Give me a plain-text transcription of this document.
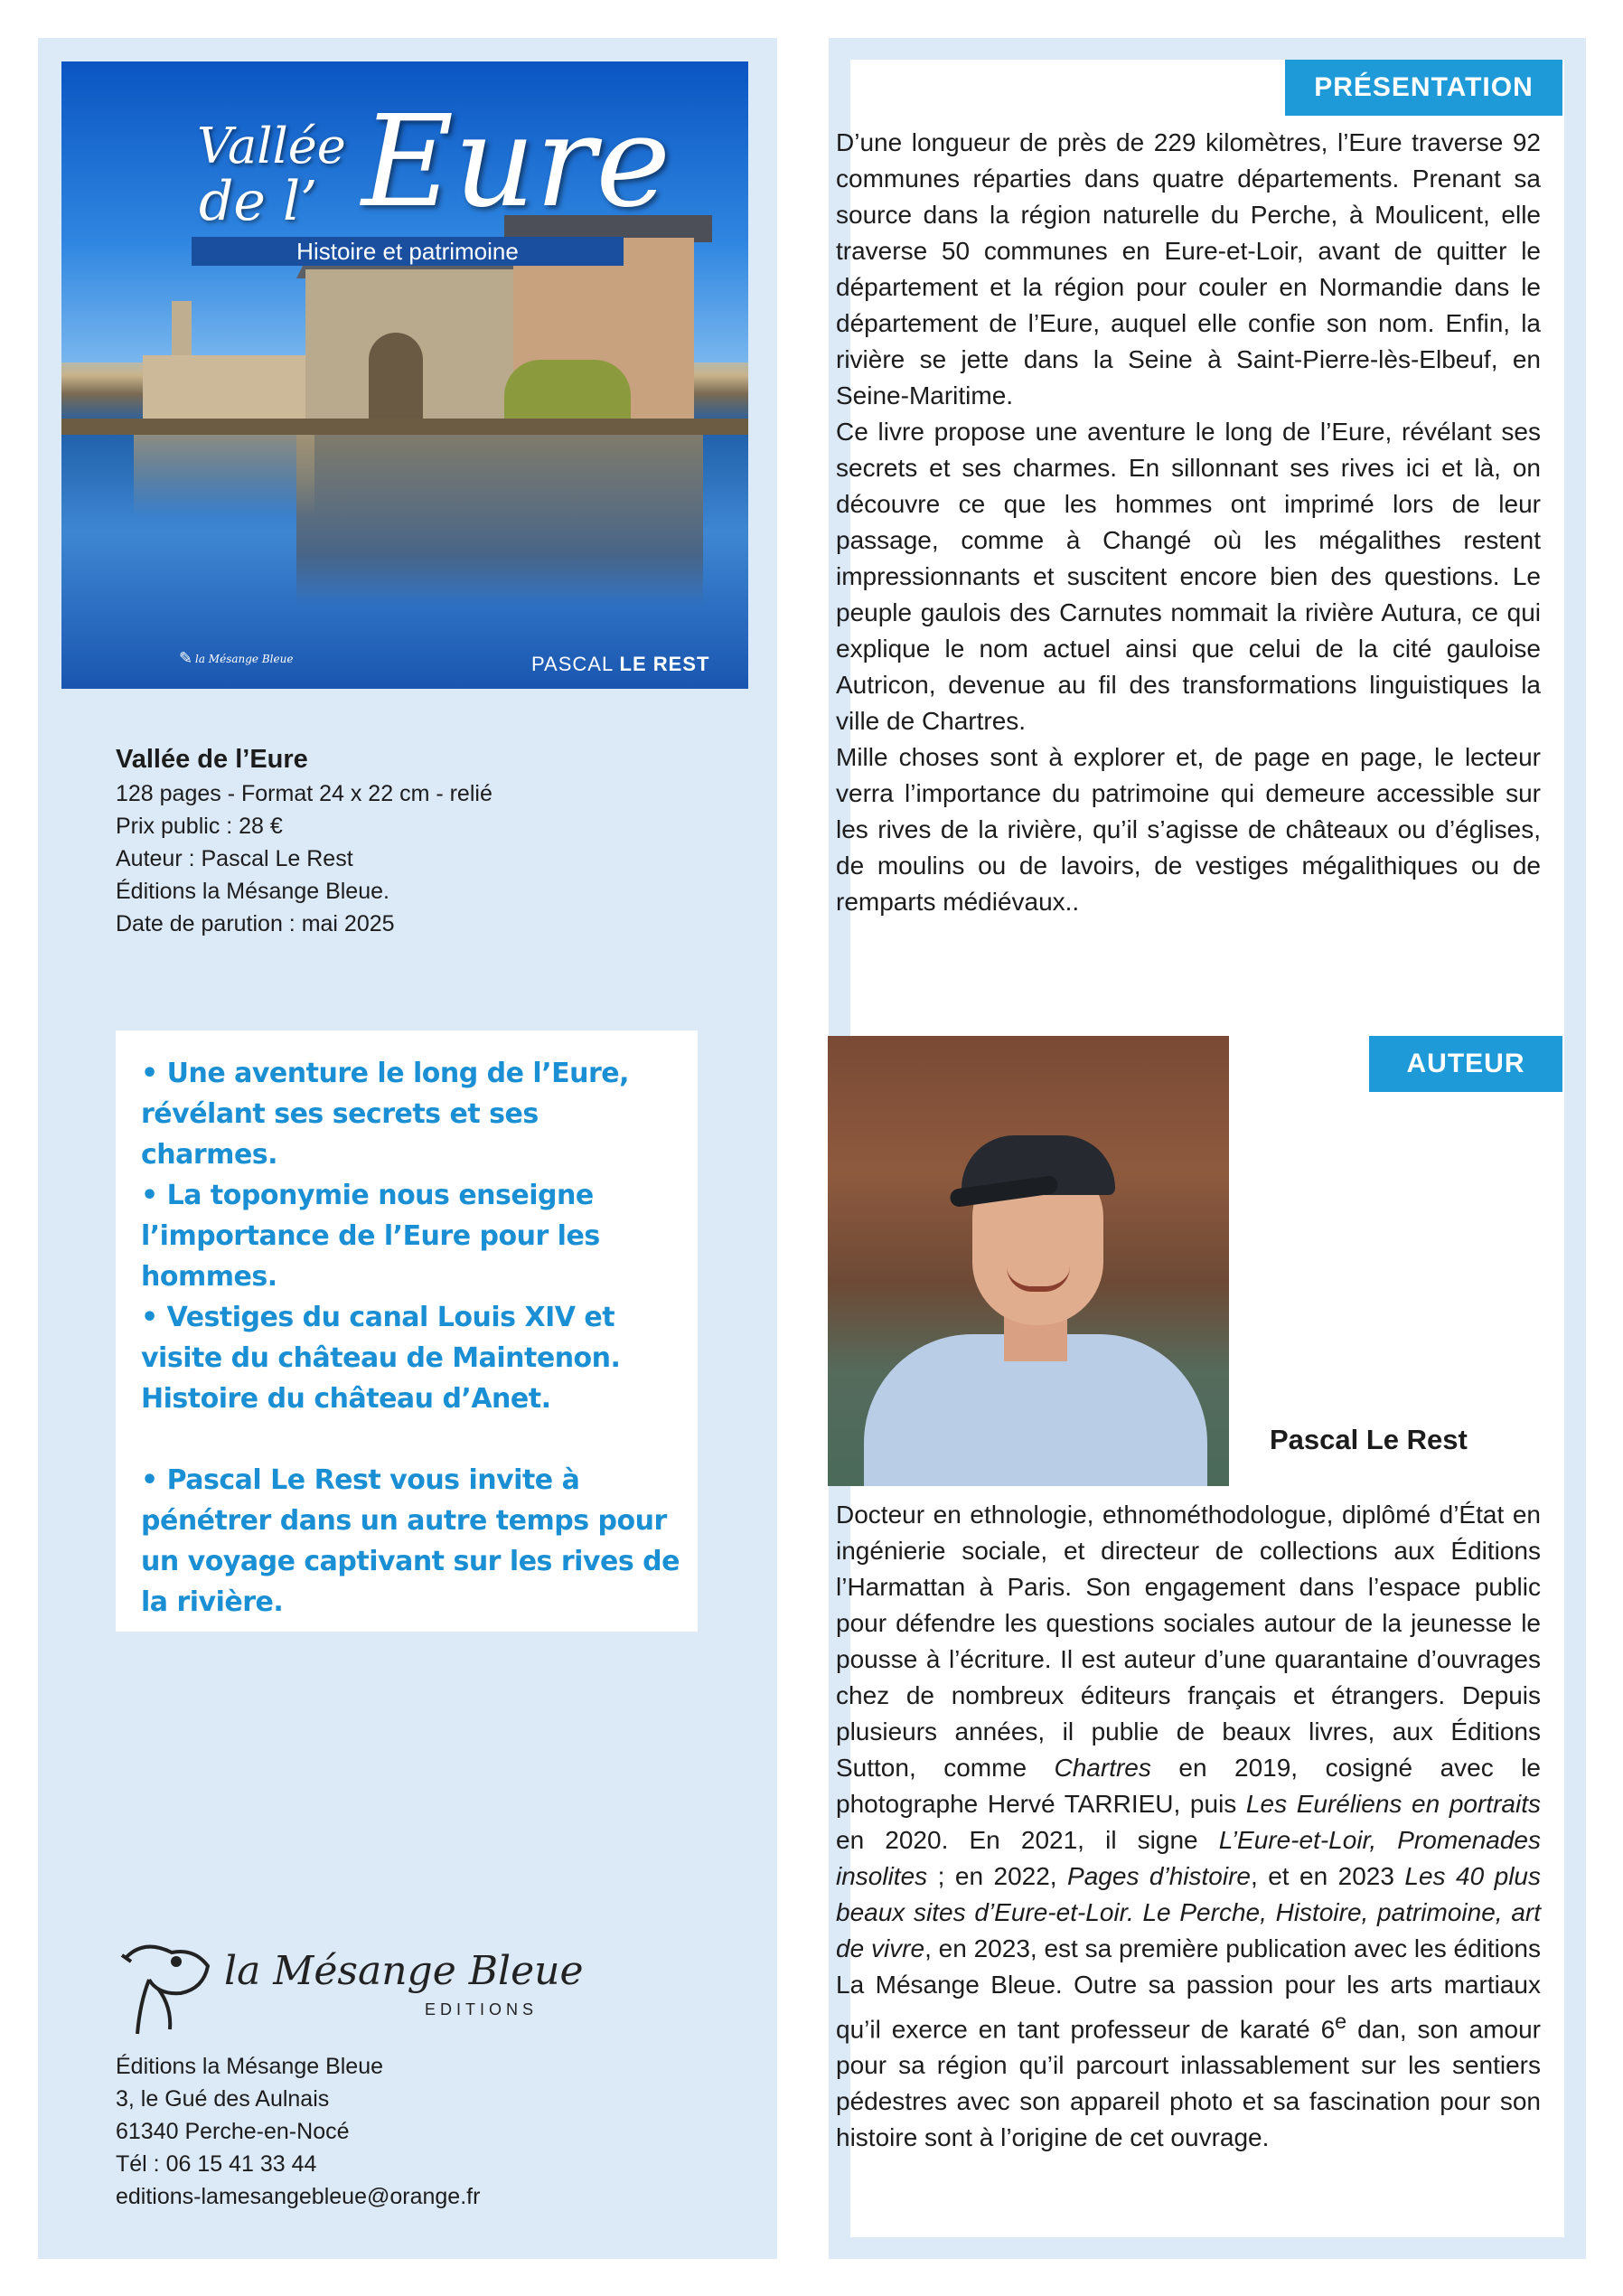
Vallée
de l’ Eure
Histoire et patrimoine
✎ la Mésange Bleue	PASCAL LE REST
Vallée de l’Eure
128 pages - Format 24 x 22 cm - relié
Prix public : 28 €
Auteur : Pascal Le Rest
Éditions la Mésange Bleue.
Date de parution : mai 2025

• Une aventure le long de l’Eure, révélant ses secrets et ses charmes.

• La toponymie nous enseigne l’importance de l’Eure pour les hommes.

• Vestiges du canal Louis XIV et visite du château de Maintenon. Histoire du château d’Anet.

• Pascal Le Rest vous invite à pénétrer dans un autre temps pour un voyage captivant sur les rives de la rivière.

la Mésange Bleue
EDITIONS
Éditions la Mésange Bleue
3, le Gué des Aulnais
61340 Perche-en-Nocé
Tél : 06 15 41 33 44
editions-lamesangebleue@orange.fr
PRÉSENTATION
D’une longueur de près de 229 kilomètres, l’Eure traverse 92 communes réparties dans quatre départements. Prenant sa source dans la région naturelle du Perche, à Moulicent, elle traverse 50 communes en Eure-et-Loir, avant de quitter le département et la région pour couler en Normandie dans le département de l’Eure, auquel elle confie son nom. Enfin, la rivière se jette dans la Seine à Saint-Pierre-lès-Elbeuf, en Seine-Maritime.
Ce livre propose une aventure le long de l’Eure, révélant ses secrets et ses charmes. En sillonnant ses rives ici et là, on découvre ce que les hommes ont imprimé lors de leur passage, comme à Changé où les mégalithes restent impressionnants et suscitent encore bien des questions. Le peuple gaulois des Carnutes nommait la rivière Autura, ce qui explique le nom actuel ainsi que celui de la cité gauloise Autricon, devenue au fil des transformations linguistiques la ville de Chartres.
Mille choses sont à explorer et, de page en page, le lecteur verra l’importance du patrimoine qui demeure accessible sur les rives de la rivière, qu’il s’agisse de châteaux ou d’églises, de moulins ou de lavoirs, de vestiges mégalithiques ou de remparts médiévaux..
AUTEUR
Pascal Le Rest

Docteur en ethnologie, ethnométhodologue, diplômé d’État en ingénierie sociale, et directeur de collections aux Éditions l’Harmattan à Paris. Son engagement dans l’espace public pour défendre les questions sociales autour de la jeunesse le pousse à l’écriture. Il est auteur d’une quarantaine d’ouvrages chez de nombreux éditeurs français et étrangers. Depuis plusieurs années, il publie de beaux livres, aux Éditions Sutton, comme Chartres en 2019, cosigné avec le photographe Hervé TARRIEU, puis Les Euréliens en portraits en 2020. En 2021, il signe L’Eure-et-Loir, Promenades insolites ; en 2022, Pages d’histoire, et en 2023 Les 40 plus beaux sites d’Eure-et-Loir. Le Perche, Histoire, patrimoine, art de vivre, en 2023, est sa première publication avec les éditions La Mésange Bleue. Outre sa passion pour les arts martiaux qu’il exerce en tant professeur de karaté 6e dan, son amour pour sa région qu’il parcourt inlassablement sur les sentiers pédestres avec son appareil photo et sa fascination pour son histoire sont à l’origine de cet ouvrage.
